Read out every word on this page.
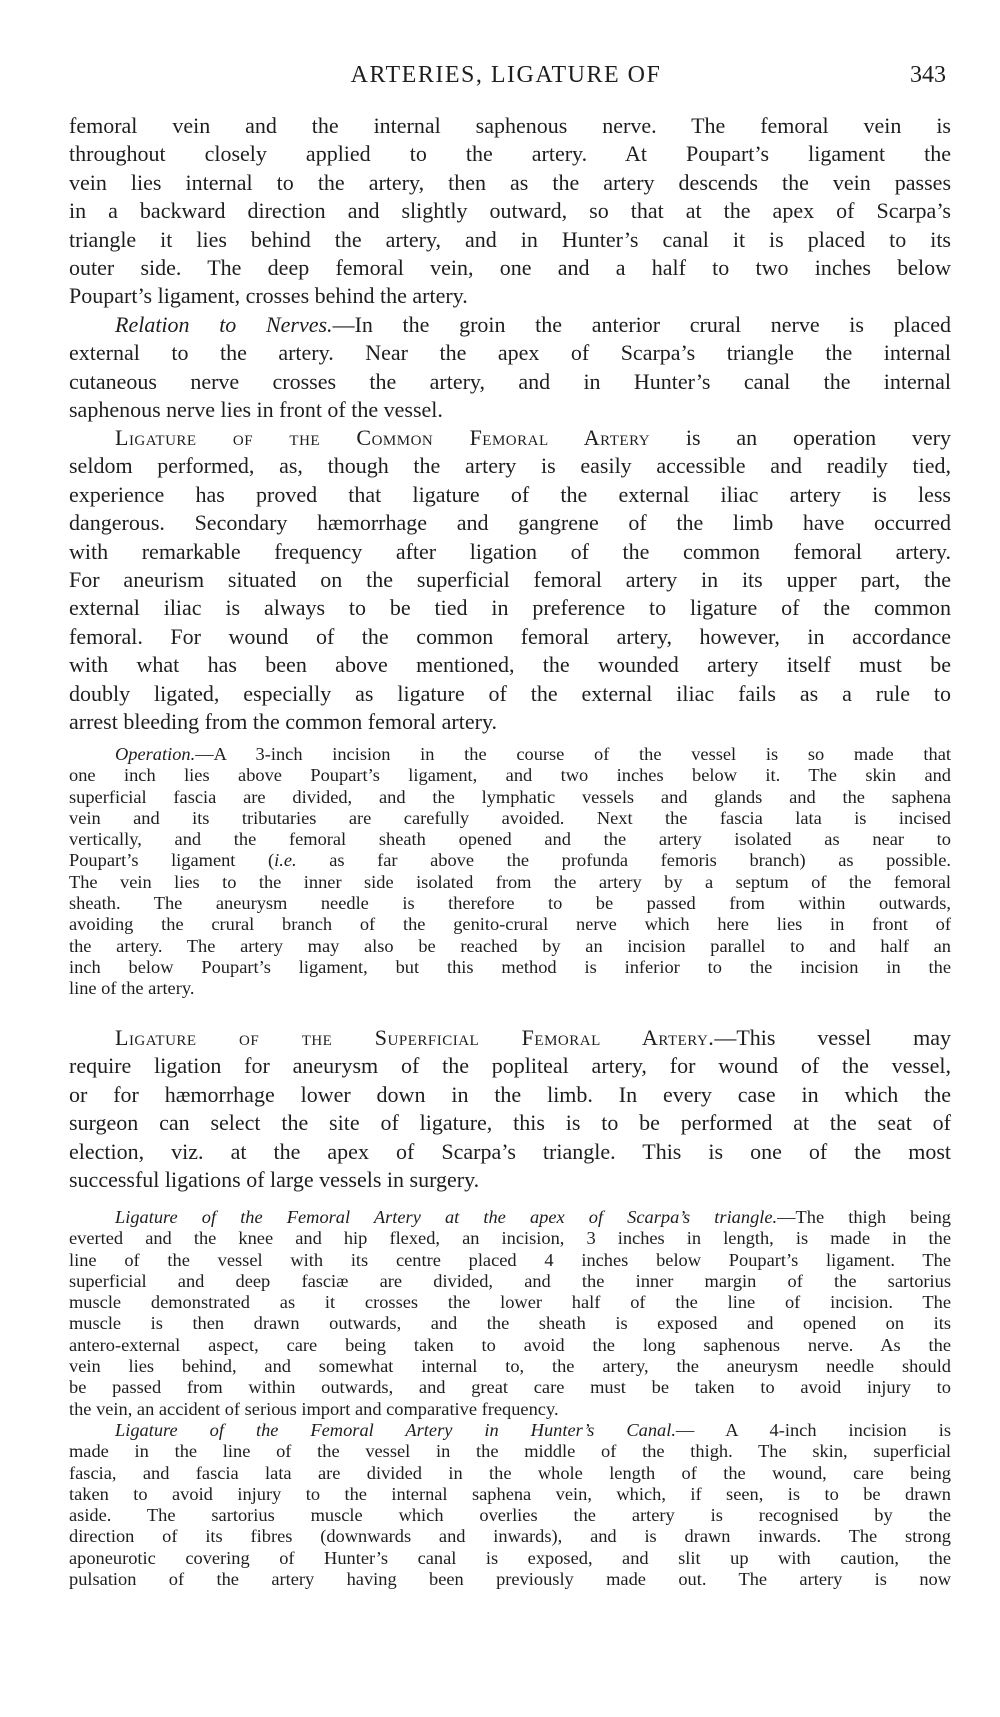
ARTERIES, LIGATURE OF	343
femoral vein and the internal saphenous nerve. The femoral vein is
throughout closely applied to the artery. At Poupart’s ligament the
vein lies internal to the artery, then as the artery descends the vein passes
in a backward direction and slightly outward, so that at the apex of Scarpa’s
triangle it lies behind the artery, and in Hunter’s canal it is placed to its
outer side. The deep femoral vein, one and a half to two inches below
Poupart’s ligament, crosses behind the artery.
Relation to Nerves.—In the groin the anterior crural nerve is placed
external to the artery. Near the apex of Scarpa’s triangle the internal
cutaneous nerve crosses the artery, and in Hunter’s canal the internal
saphenous nerve lies in front of the vessel.
Ligature of the Common Femoral Artery is an operation very
seldom performed, as, though the artery is easily accessible and readily tied,
experience has proved that ligature of the external iliac artery is less
dangerous. Secondary hæmorrhage and gangrene of the limb have occurred
with remarkable frequency after ligation of the common femoral artery.
For aneurism situated on the superficial femoral artery in its upper part, the
external iliac is always to be tied in preference to ligature of the common
femoral. For wound of the common femoral artery, however, in accordance
with what has been above mentioned, the wounded artery itself must be
doubly ligated, especially as ligature of the external iliac fails as a rule to
arrest bleeding from the common femoral artery.
Operation.—A 3-inch incision in the course of the vessel is so made that
one inch lies above Poupart’s ligament, and two inches below it. The skin and
superficial fascia are divided, and the lymphatic vessels and glands and the saphena
vein and its tributaries are carefully avoided. Next the fascia lata is incised
vertically, and the femoral sheath opened and the artery isolated as near to
Poupart’s ligament (i.e. as far above the profunda femoris branch) as possible.
The vein lies to the inner side isolated from the artery by a septum of the femoral
sheath. The aneurysm needle is therefore to be passed from within outwards,
avoiding the crural branch of the genito-crural nerve which here lies in front of
the artery. The artery may also be reached by an incision parallel to and half an
inch below Poupart’s ligament, but this method is inferior to the incision in the
line of the artery.
Ligature of the Superficial Femoral Artery.—This vessel may
require ligation for aneurysm of the popliteal artery, for wound of the vessel,
or for hæmorrhage lower down in the limb. In every case in which the
surgeon can select the site of ligature, this is to be performed at the seat of
election, viz. at the apex of Scarpa’s triangle. This is one of the most
successful ligations of large vessels in surgery.
Ligature of the Femoral Artery at the apex of Scarpa’s triangle.—The thigh being
everted and the knee and hip flexed, an incision, 3 inches in length, is made in the
line of the vessel with its centre placed 4 inches below Poupart’s ligament. The
superficial and deep fasciæ are divided, and the inner margin of the sartorius
muscle demonstrated as it crosses the lower half of the line of incision. The
muscle is then drawn outwards, and the sheath is exposed and opened on its
antero-external aspect, care being taken to avoid the long saphenous nerve. As the
vein lies behind, and somewhat internal to, the artery, the aneurysm needle should
be passed from within outwards, and great care must be taken to avoid injury to
the vein, an accident of serious import and comparative frequency.
Ligature of the Femoral Artery in Hunter’s Canal.— A 4-inch incision is
made in the line of the vessel in the middle of the thigh. The skin, superficial
fascia, and fascia lata are divided in the whole length of the wound, care being
taken to avoid injury to the internal saphena vein, which, if seen, is to be drawn
aside. The sartorius muscle which overlies the artery is recognised by the
direction of its fibres (downwards and inwards), and is drawn inwards. The strong
aponeurotic covering of Hunter’s canal is exposed, and slit up with caution, the
pulsation of the artery having been previously made out. The artery is now
